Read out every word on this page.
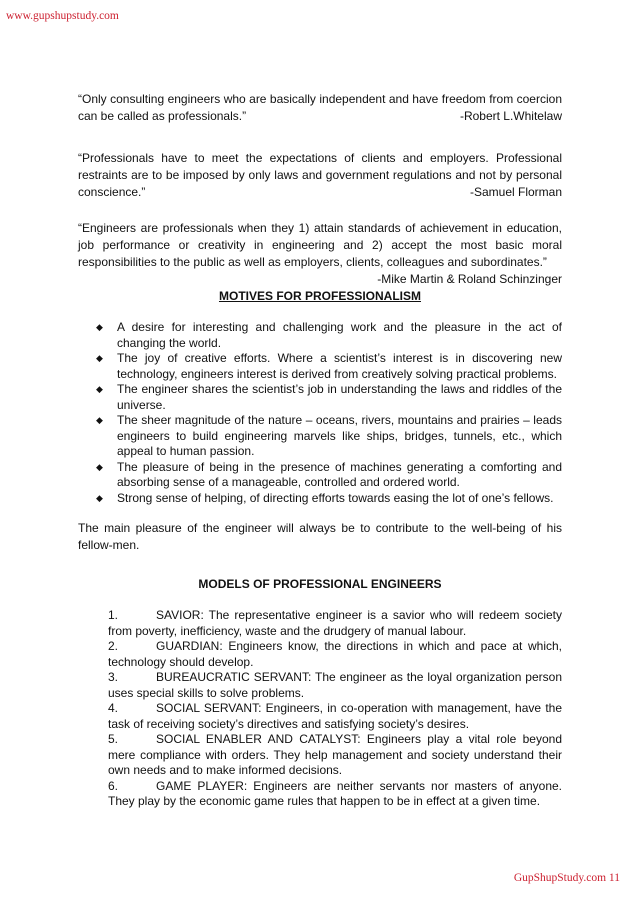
www.gupshupstudy.com

“Only consulting engineers who are basically independent and have freedom from coercion can be called as professionals.”	-Robert L.Whitelaw

“Professionals have to meet the expectations of clients and employers. Professional restraints are to be imposed by only laws and government regulations and not by personal conscience.”	-Samuel Florman

“Engineers are professionals when they 1) attain standards of achievement in education, job performance or creativity in engineering and 2) accept the most basic moral responsibilities to the public as well as employers, clients, colleagues and subordinates.”
-Mike Martin & Roland Schinzinger

MOTIVES FOR PROFESSIONALISM

◆ A desire for interesting and challenging work and the pleasure in the act of changing the world.
◆ The joy of creative efforts. Where a scientist’s interest is in discovering new technology, engineers interest is derived from creatively solving practical problems.
◆ The engineer shares the scientist’s job in understanding the laws and riddles of the universe.
◆ The sheer magnitude of the nature – oceans, rivers, mountains and prairies – leads engineers to build engineering marvels like ships, bridges, tunnels, etc., which appeal to human passion.
◆ The pleasure of being in the presence of machines generating a comforting and absorbing sense of a manageable, controlled and ordered world.
◆ Strong sense of helping, of directing efforts towards easing the lot of one’s fellows.

The main pleasure of the engineer will always be to contribute to the well-being of his fellow-men.

MODELS OF PROFESSIONAL ENGINEERS

1.	SAVIOR: The representative engineer is a savior who will redeem society from poverty, inefficiency, waste and the drudgery of manual labour.
2.	GUARDIAN: Engineers know, the directions in which and pace at which, technology should develop.
3.	BUREAUCRATIC SERVANT: The engineer as the loyal organization person uses special skills to solve problems.
4.	SOCIAL SERVANT: Engineers, in co-operation with management, have the task of receiving society’s directives and satisfying society’s desires.
5.	SOCIAL ENABLER AND CATALYST: Engineers play a vital role beyond mere compliance with orders. They help management and society understand their own needs and to make informed decisions.
6.	GAME PLAYER: Engineers are neither servants nor masters of anyone. They play by the economic game rules that happen to be in effect at a given time.
GupShupStudy.com 11
